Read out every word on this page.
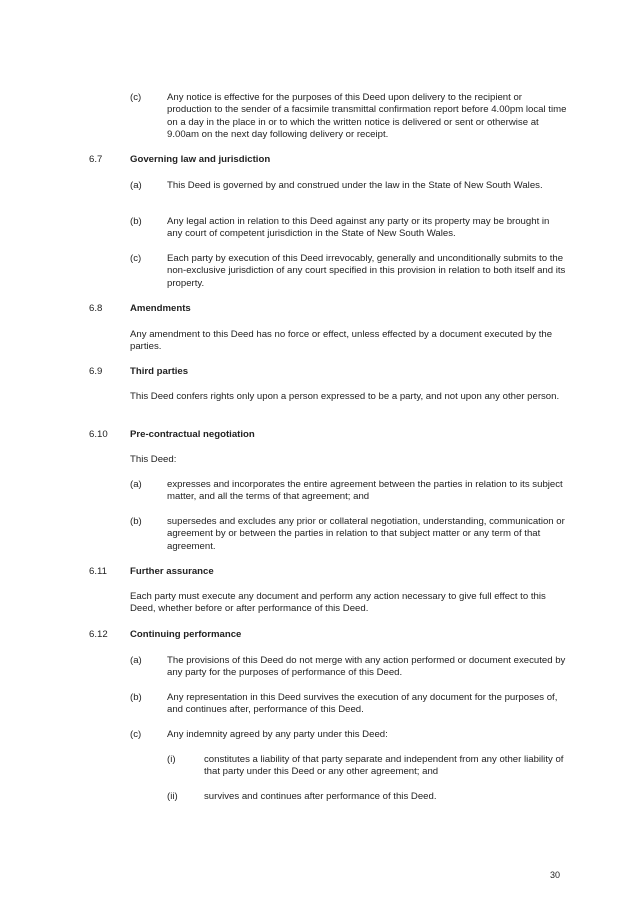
(c)	Any notice is effective for the purposes of this Deed upon delivery to the recipient or production to the sender of a facsimile transmittal confirmation report before 4.00pm local time on a day in the place in or to which the written notice is delivered or sent or otherwise at 9.00am on the next day following delivery or receipt.

6.7	Governing law and jurisdiction
(a)	This Deed is governed by and construed under the law in the State of New South Wales.

(b)	Any legal action in relation to this Deed against any party or its property may be brought in any court of competent jurisdiction in the State of New South Wales.

(c)	Each party by execution of this Deed irrevocably, generally and unconditionally submits to the non-exclusive jurisdiction of any court specified in this provision in relation to both itself and its property.

6.8	Amendments

Any amendment to this Deed has no force or effect, unless effected by a document executed by the parties.

6.9	Third parties

This Deed confers rights only upon a person expressed to be a party, and not upon any other person.

6.10 Pre-contractual negotiation

This Deed:

(a)	expresses and incorporates the entire agreement between the parties in relation to its subject matter, and all the terms of that agreement; and

(b)	supersedes and excludes any prior or collateral negotiation, understanding, communication or agreement by or between the parties in relation to that subject matter or any term of that agreement.

6.11 Further assurance

Each party must execute any document and perform any action necessary to give full effect to this Deed, whether before or after performance of this Deed.

6.12 Continuing performance
(a)	The provisions of this Deed do not merge with any action performed or document executed by any party for the purposes of performance of this Deed.

(b)	Any representation in this Deed survives the execution of any document for the purposes of, and continues after, performance of this Deed.

(c)	Any indemnity agreed by any party under this Deed:

(i)	constitutes a liability of that party separate and independent from any other liability of that party under this Deed or any other agreement; and

(ii)	survives and continues after performance of this Deed.

30
